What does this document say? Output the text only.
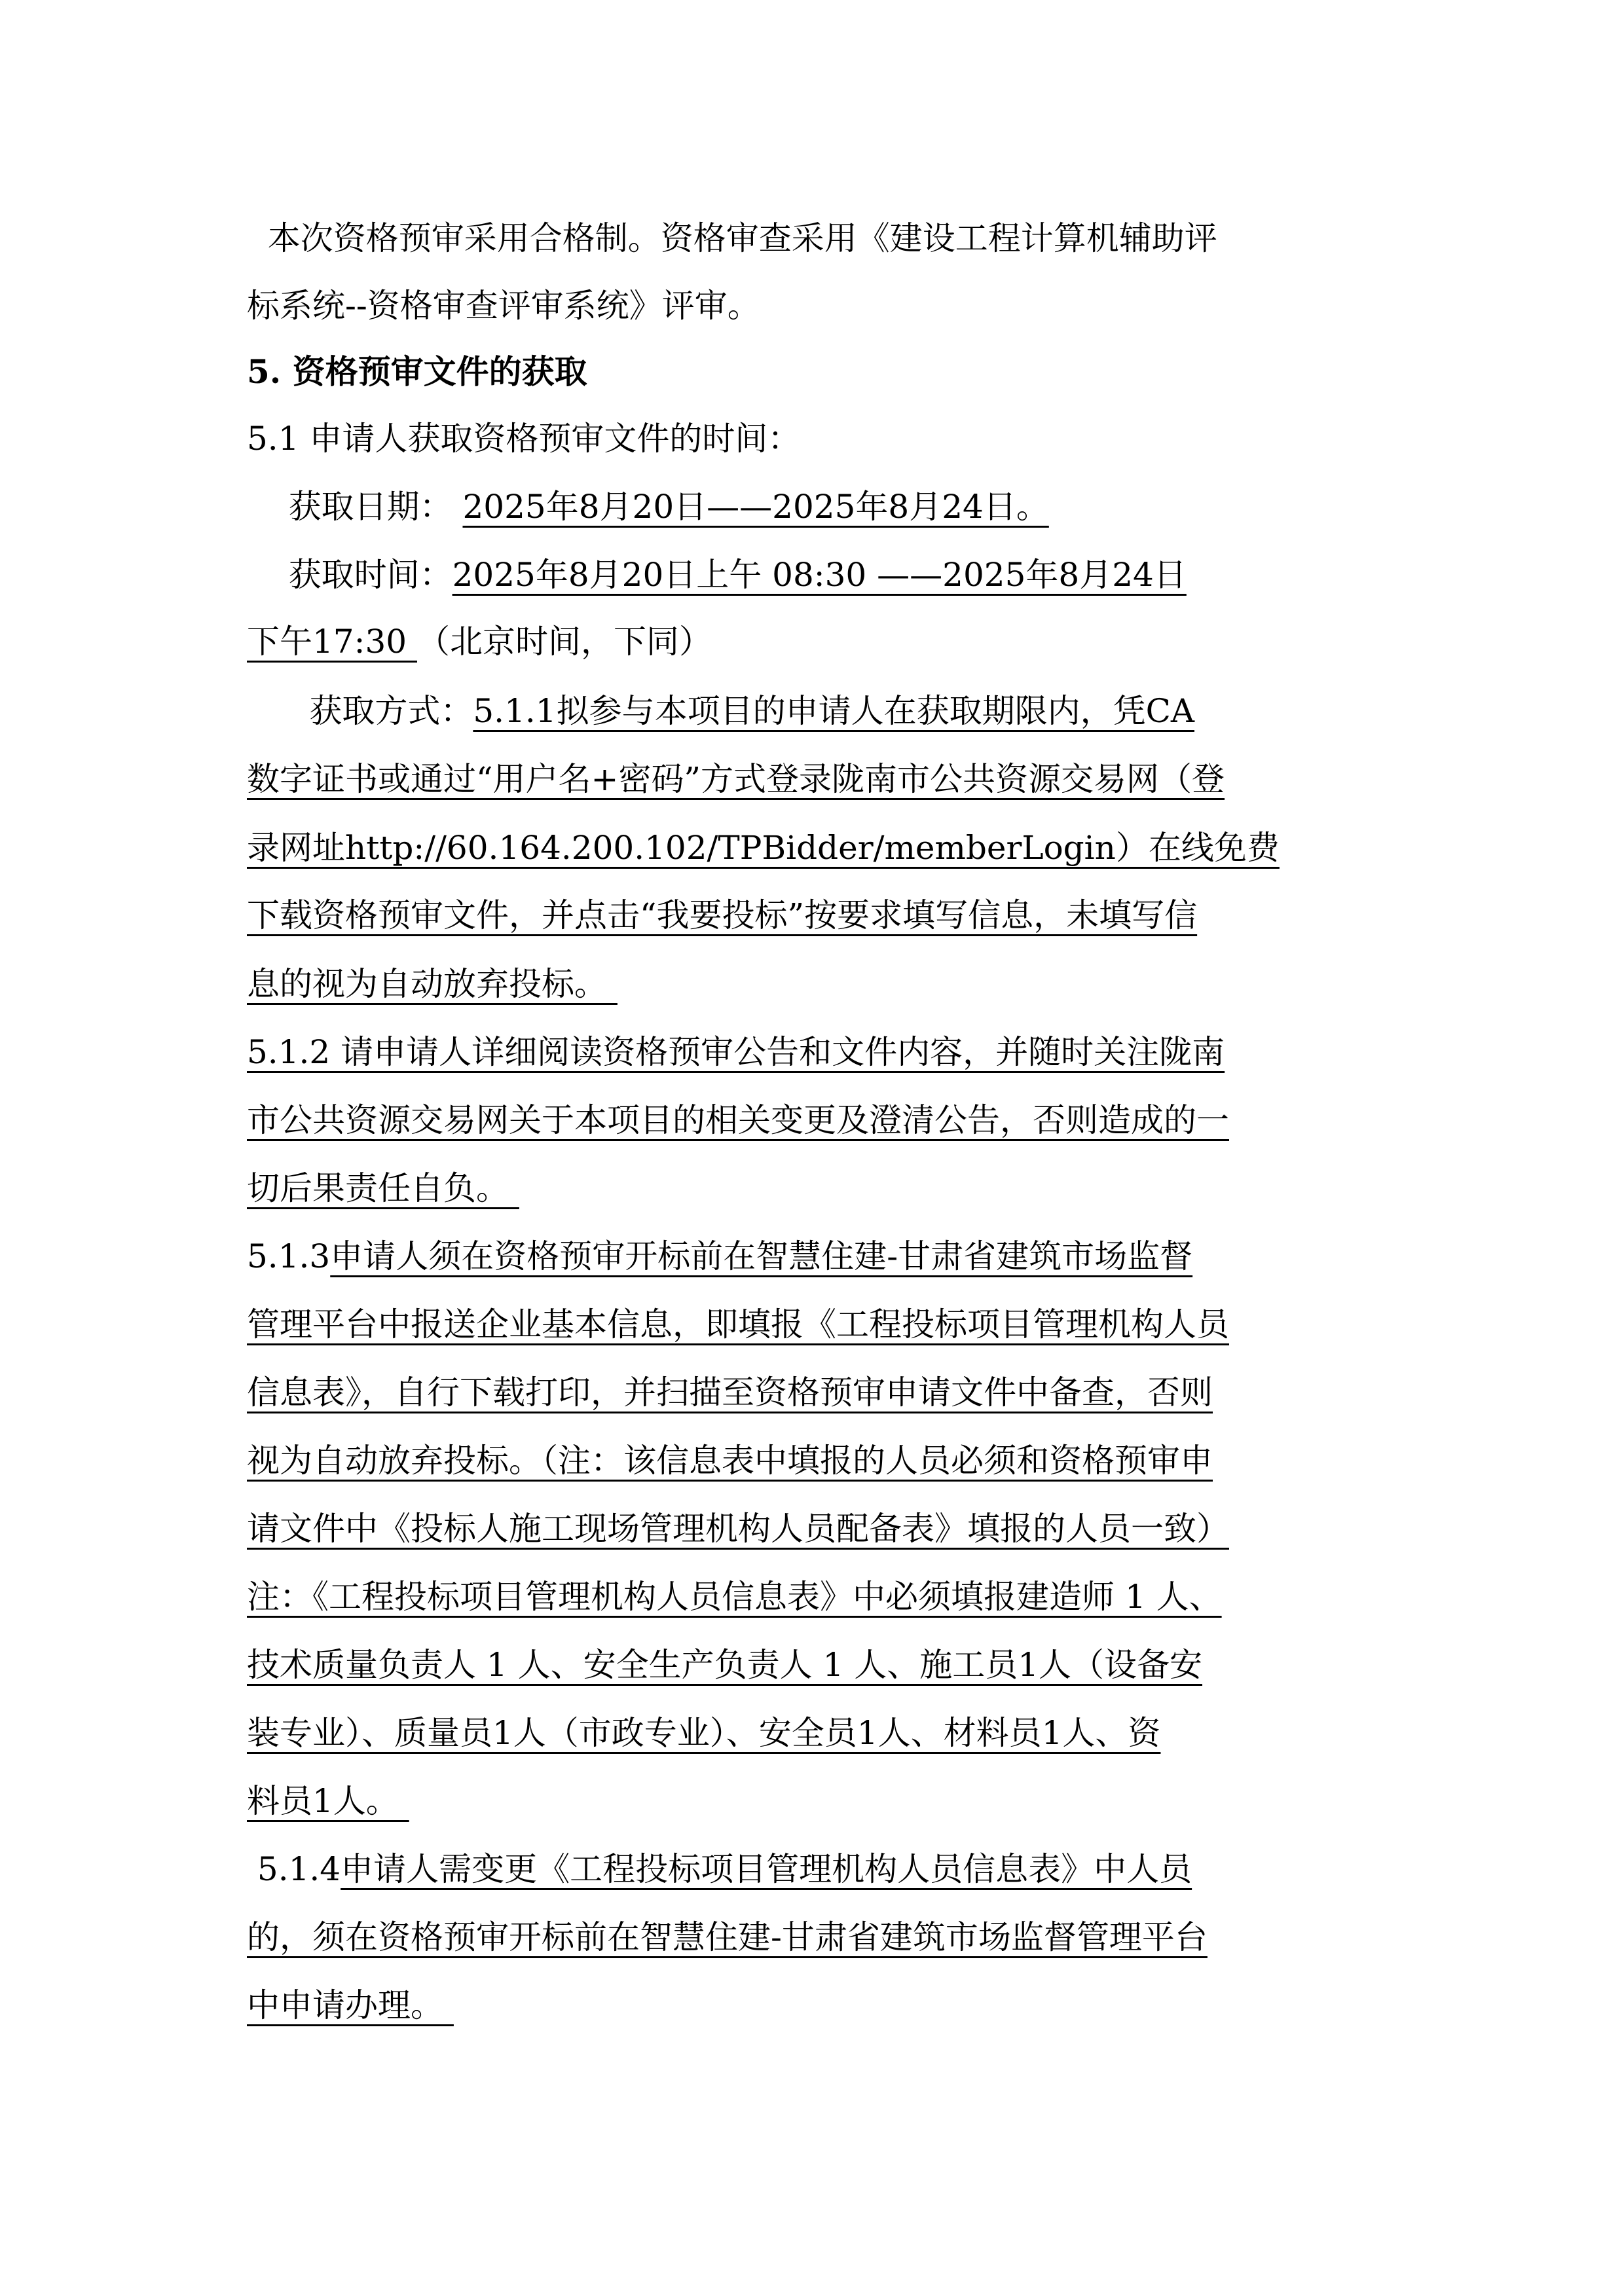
本次资格预审采用合格制。资格审查采用《建设工程计算机辅助评
标系统--资格审查评审系统》评审。
5. 资格预审文件的获取
5.1 申请人获取资格预审文件的时间：
获取日期： 2025年8月20日——2025年8月24日。
获取时间：2025年8月20日上午 08:30 ——2025年8月24日
下午17:30 （北京时间，下同）
获取方式：5.1.1拟参与本项目的申请人在获取期限内，凭CA
数字证书或通过“用户名+密码”方式登录陇南市公共资源交易网（登
录网址http://60.164.200.102/TPBidder/memberLogin）在线免费
下载资格预审文件，并点击“我要投标”按要求填写信息，未填写信
息的视为自动放弃投标。
5.1.2 请申请人详细阅读资格预审公告和文件内容，并随时关注陇南
市公共资源交易网关于本项目的相关变更及澄清公告，否则造成的一
切后果责任自负。
5.1.3申请人须在资格预审开标前在智慧住建-甘肃省建筑市场监督
管理平台中报送企业基本信息，即填报《工程投标项目管理机构人员
信息表》，自行下载打印，并扫描至资格预审申请文件中备查，否则
视为自动放弃投标。（注：该信息表中填报的人员必须和资格预审申
请文件中《投标人施工现场管理机构人员配备表》填报的人员一致）
注：《工程投标项目管理机构人员信息表》中必须填报建造师 1 人、
技术质量负责人 1 人、安全生产负责人 1 人、施工员1人（设备安
装专业）、质量员1人（市政专业）、安全员1人、材料员1人、资
料员1人。
5.1.4申请人需变更《工程投标项目管理机构人员信息表》中人员
的，须在资格预审开标前在智慧住建-甘肃省建筑市场监督管理平台
中申请办理。
